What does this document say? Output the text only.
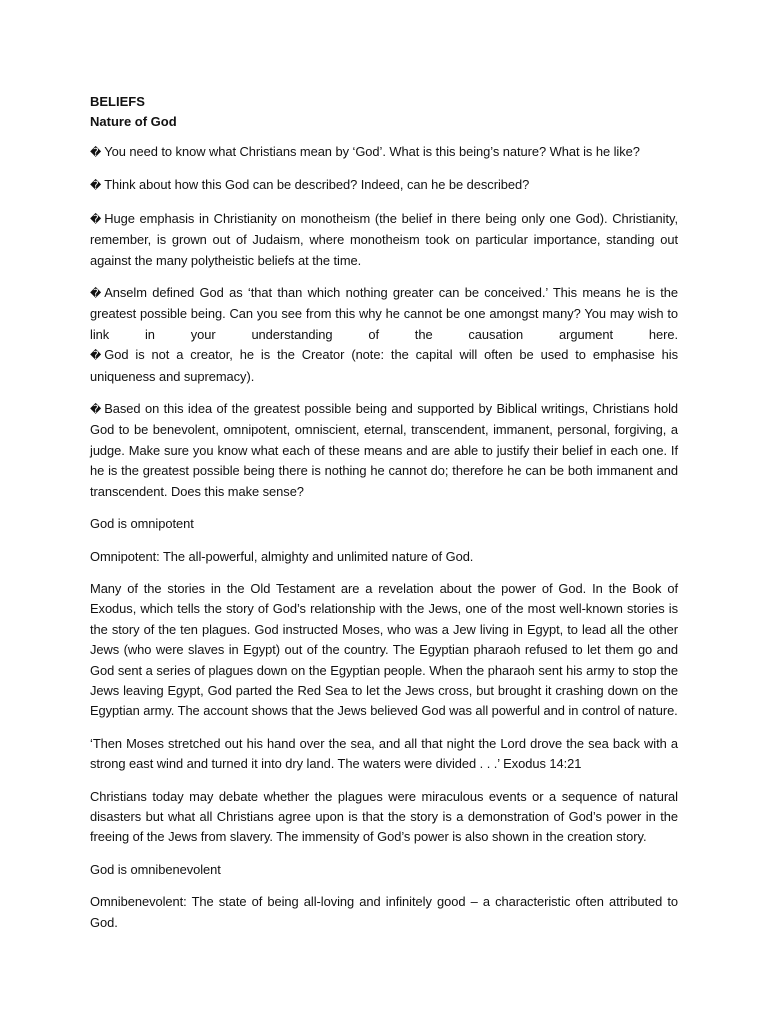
BELIEFS
Nature of God

� You need to know what Christians mean by ‘God’. What is this being’s nature? What is he like?

� Think about how this God can be described? Indeed, can he be described?

� Huge emphasis in Christianity on monotheism (the belief in there being only one God). Christianity, remember, is grown out of Judaism, where monotheism took on particular importance, standing out against the many polytheistic beliefs at the time.

� Anselm defined God as ‘that than which nothing greater can be conceived.’ This means he is the greatest possible being. Can you see from this why he cannot be one amongst many? You may wish to link in your understanding of the causation argument here.

� God is not a creator, he is the Creator (note: the capital will often be used to emphasise his uniqueness and supremacy).

� Based on this idea of the greatest possible being and supported by Biblical writings, Christians hold God to be benevolent, omnipotent, omniscient, eternal, transcendent, immanent, personal, forgiving, a judge. Make sure you know what each of these means and are able to justify their belief in each one. If he is the greatest possible being there is nothing he cannot do; therefore he can be both immanent and transcendent. Does this make sense?

God is omnipotent

Omnipotent: The all-powerful, almighty and unlimited nature of God.

Many of the stories in the Old Testament are a revelation about the power of God. In the Book of Exodus, which tells the story of God’s relationship with the Jews, one of the most well-known stories is the story of the ten plagues. God instructed Moses, who was a Jew living in Egypt, to lead all the other Jews (who were slaves in Egypt) out of the country. The Egyptian pharaoh refused to let them go and God sent a series of plagues down on the Egyptian people. When the pharaoh sent his army to stop the Jews leaving Egypt, God parted the Red Sea to let the Jews cross, but brought it crashing down on the Egyptian army. The account shows that the Jews believed God was all powerful and in control of nature.

‘Then Moses stretched out his hand over the sea, and all that night the Lord drove the sea back with a strong east wind and turned it into dry land. The waters were divided . . .’ Exodus 14:21

Christians today may debate whether the plagues were miraculous events or a sequence of natural disasters but what all Christians agree upon is that the story is a demonstration of God’s power in the freeing of the Jews from slavery. The immensity of God’s power is also shown in the creation story.

God is omnibenevolent

Omnibenevolent: The state of being all-loving and infinitely good – a characteristic often attributed to God.
